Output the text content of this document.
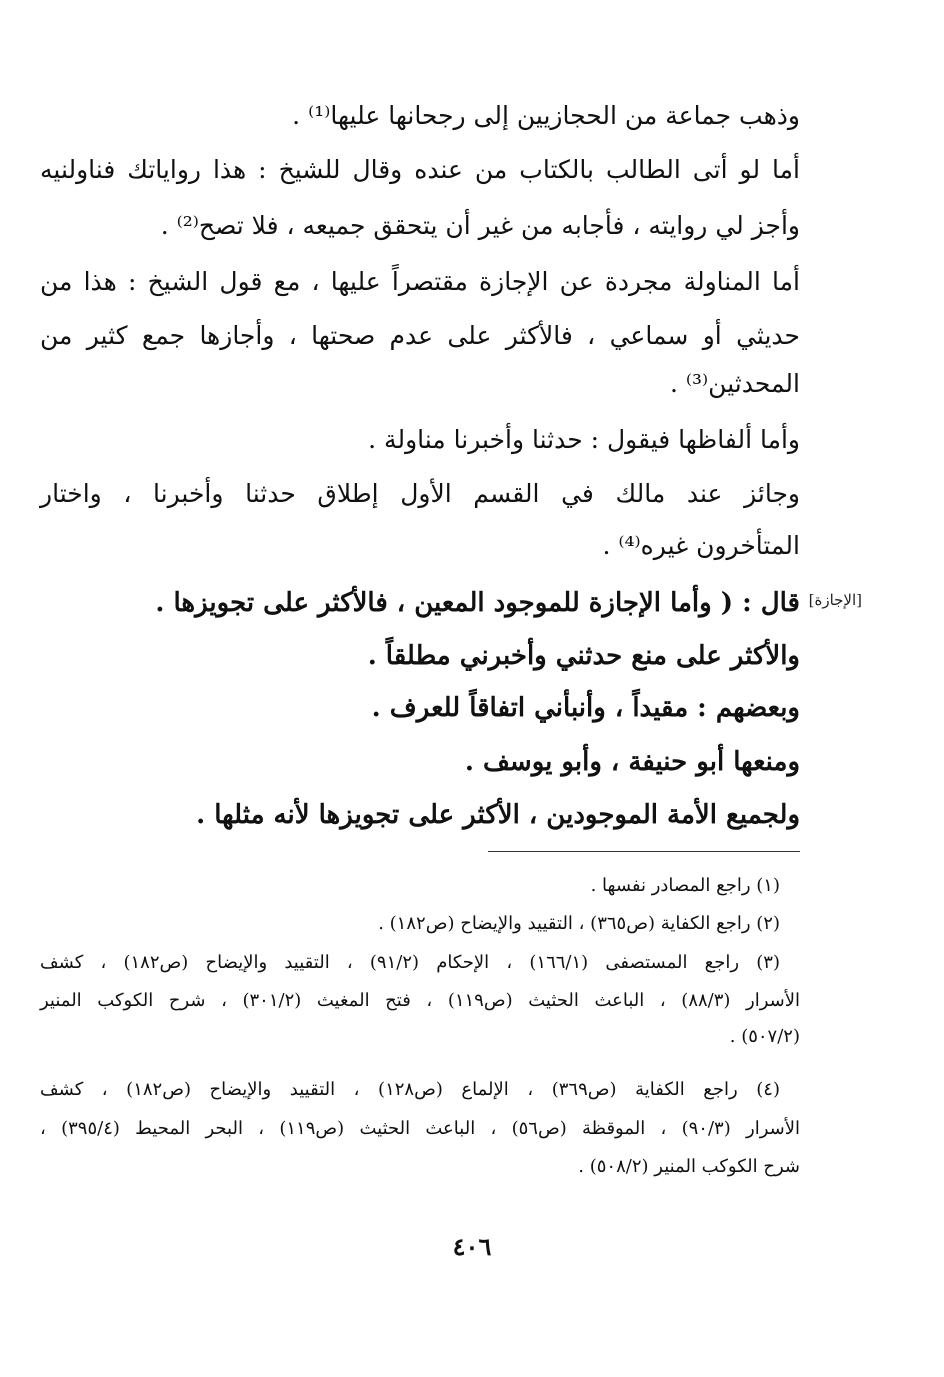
وذهب جماعة من الحجازيين إلى رجحانها عليها⁽¹⁾ .
أما لو أتى الطالب بالكتاب من عنده وقال للشيخ : هذا رواياتك فناولنيه
وأجز لي روايته ، فأجابه من غير أن يتحقق جميعه ، فلا تصح⁽²⁾ .
أما المناولة مجردة عن الإجازة مقتصراً عليها ، مع قول الشيخ : هذا من
حديثي أو سماعي ، فالأكثر على عدم صحتها ، وأجازها جمع كثير من
المحدثين⁽³⁾ .
وأما ألفاظها فيقول : حدثنا وأخبرنا مناولة .
وجائز عند مالك في القسم الأول إطلاق حدثنا وأخبرنا ، واختار
المتأخرون غيره⁽⁴⁾ .
قال : ( وأما الإجازة للموجود المعين ، فالأكثر على تجويزها .
والأكثر على منع حدثني وأخبرني مطلقاً .
وبعضهم : مقيداً ، وأنبأني اتفاقاً للعرف .
ومنعها أبو حنيفة ، وأبو يوسف .
ولجميع الأمة الموجودين ، الأكثر على تجويزها لأنه مثلها .
[الإجازة]
(١) راجع المصادر نفسها .
(٢) راجع الكفاية (ص٣٦٥) ، التقييد والإيضاح (ص١٨٢) .
(٣) راجع المستصفى (١٦٦/١) ، الإحكام (٩١/٢) ، التقييد والإيضاح (ص١٨٢) ، كشف
الأسرار (٨٨/٣) ، الباعث الحثيث (ص١١٩) ، فتح المغيث (٣٠١/٢) ، شرح الكوكب المنير
(٥٠٧/٢) .
(٤) راجع الكفاية (ص٣٦٩) ، الإلماع (ص١٢٨) ، التقييد والإيضاح (ص١٨٢) ، كشف
الأسرار (٩٠/٣) ، الموقظة (ص٥٦) ، الباعث الحثيث (ص١١٩) ، البحر المحيط (٣٩٥/٤) ،
شرح الكوكب المنير (٥٠٨/٢) .
٤٠٦
